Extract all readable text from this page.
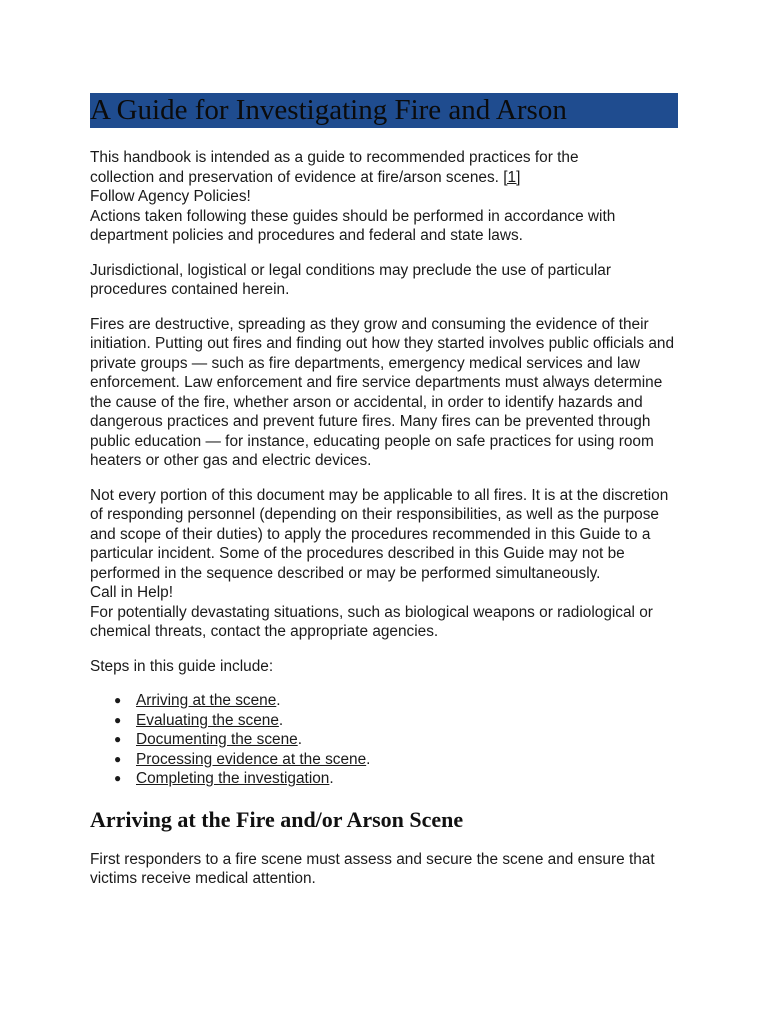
A Guide for Investigating Fire and Arson

This handbook is intended as a guide to recommended practices for the
collection and preservation of evidence at fire/arson scenes. [1]
Follow Agency Policies!
Actions taken following these guides should be performed in accordance with department policies and procedures and federal and state laws.

Jurisdictional, logistical or legal conditions may preclude the use of particular procedures contained herein.

Fires are destructive, spreading as they grow and consuming the evidence of their initiation. Putting out fires and finding out how they started involves public officials and private groups — such as fire departments, emergency medical services and law enforcement. Law enforcement and fire service departments must always determine the cause of the fire, whether arson or accidental, in order to identify hazards and dangerous practices and prevent future fires. Many fires can be prevented through public education — for instance, educating people on safe practices for using room heaters or other gas and electric devices.

Not every portion of this document may be applicable to all fires. It is at the discretion of responding personnel (depending on their responsibilities, as well as the purpose and scope of their duties) to apply the procedures recommended in this Guide to a particular incident. Some of the procedures described in this Guide may not be performed in the sequence described or may be performed simultaneously.
Call in Help!
For potentially devastating situations, such as biological weapons or radiological or chemical threats, contact the appropriate agencies.

Steps in this guide include:

● Arriving at the scene.
● Evaluating the scene.
● Documenting the scene.
● Processing evidence at the scene.
● Completing the investigation.
Arriving at the Fire and/or Arson Scene

First responders to a fire scene must assess and secure the scene and ensure that victims receive medical attention.
